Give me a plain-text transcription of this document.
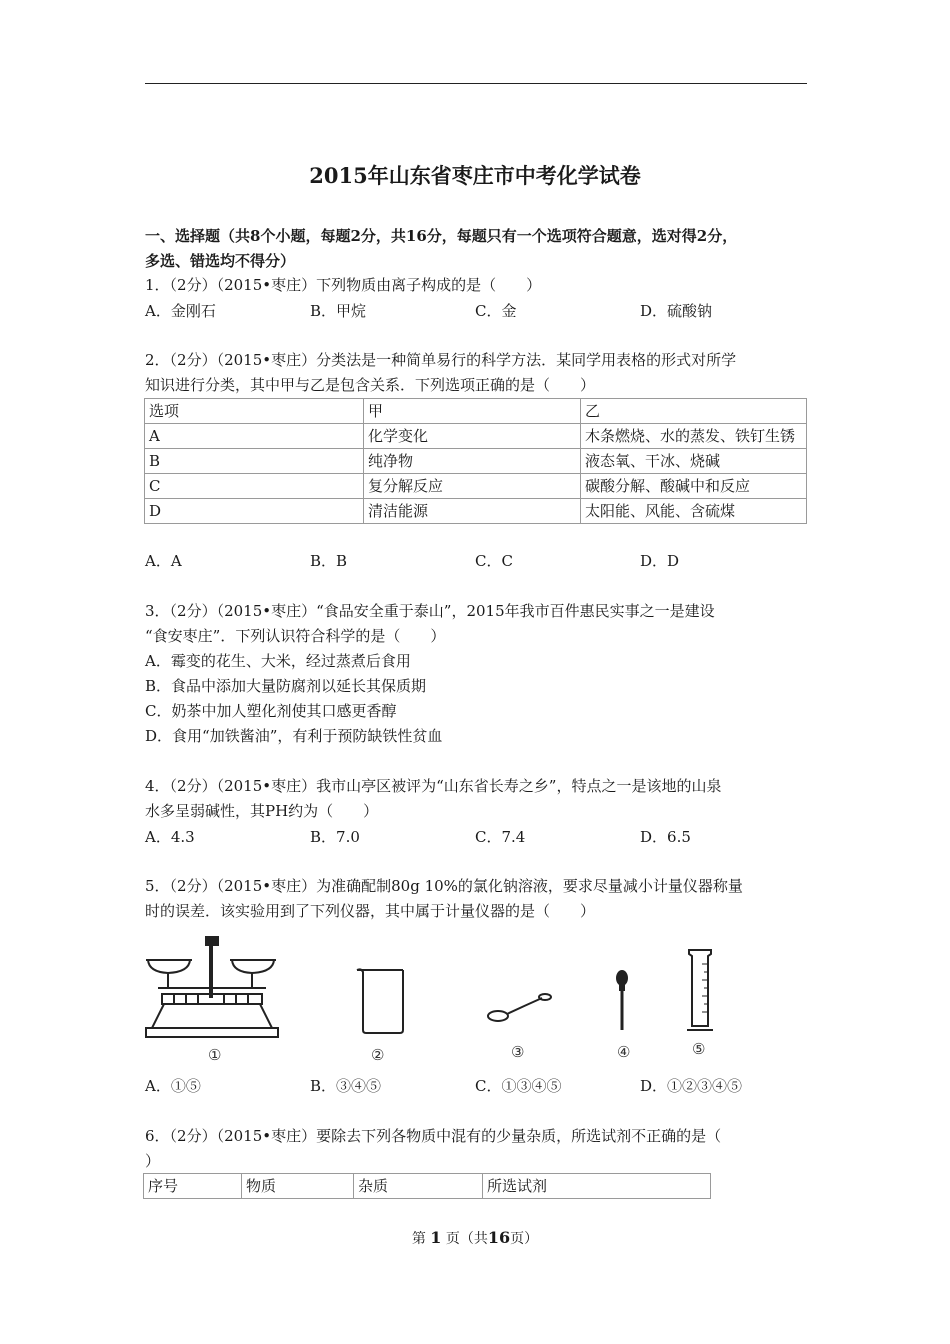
2015年山东省枣庄市中考化学试卷
一、选择题（共8个小题，每题2分，共16分，每题只有一个选项符合题意，选对得2分，
多选、错选均不得分）
1．（2分）（2015•枣庄）下列物质由离子构成的是（　　）
A．金刚石	B．甲烷	C．金	D．硫酸钠
2．（2分）（2015•枣庄）分类法是一种简单易行的科学方法．某同学用表格的形式对所学
知识进行分类，其中甲与乙是包含关系．下列选项正确的是（　　）
选项	甲	乙
A	化学变化	木条燃烧、水的蒸发、铁钉生锈
B	纯净物	液态氧、干冰、烧碱
C	复分解反应	碳酸分解、酸碱中和反应
D	清洁能源	太阳能、风能、含硫煤
A．A	B．B	C．C	D．D
3．（2分）（2015•枣庄）“食品安全重于泰山”，2015年我市百件惠民实事之一是建设
“食安枣庄”．下列认识符合科学的是（　　）
A．霉变的花生、大米，经过蒸煮后食用
B．食品中添加大量防腐剂以延长其保质期
C．奶茶中加人塑化剂使其口感更香醇
D．食用“加铁酱油”，有利于预防缺铁性贫血
4．（2分）（2015•枣庄）我市山亭区被评为“山东省长寿之乡”，特点之一是该地的山泉
水多呈弱碱性，其PH约为（　　）
A．4.3	B．7.0	C．7.4	D．6.5
5．（2分）（2015•枣庄）为准确配制80g 10%的氯化钠溶液，要求尽量减小计量仪器称量
时的误差．该实验用到了下列仪器，其中属于计量仪器的是（　　）
①	②	③	④	⑤
A．①⑤	B．③④⑤	C．①③④⑤	D．①②③④⑤
6．（2分）（2015•枣庄）要除去下列各物质中混有的少量杂质，所选试剂不正确的是（
）
序号	物质	杂质	所选试剂
第 1 页（共16页）
